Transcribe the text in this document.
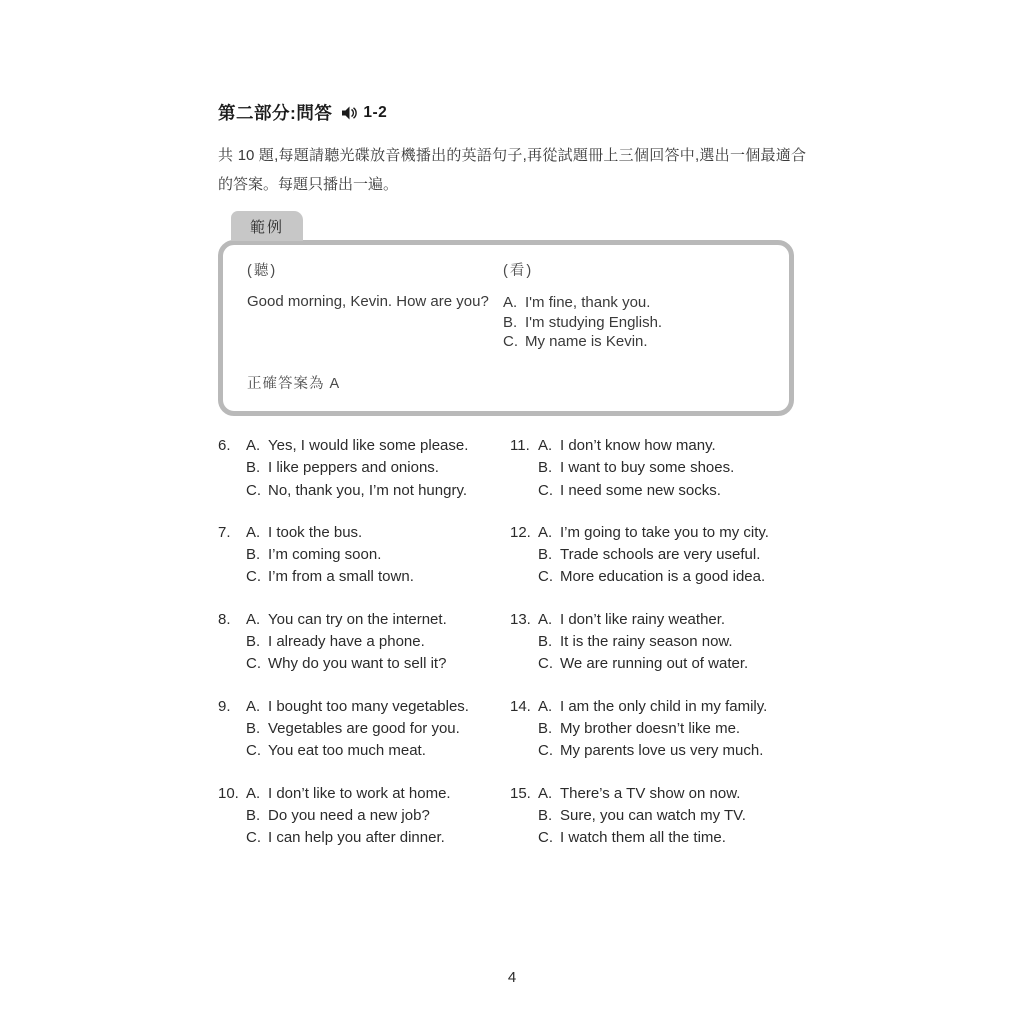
第二部分:問答 1-2
共 10 題,每題請聽光碟放音機播出的英語句子,再從試題冊上三個回答中,選出一個最適合的答案。每題只播出一遍。
範例
(聽)
Good morning, Kevin. How are you?
(看)
A. I'm fine, thank you.
B. I'm studying English.
C. My name is Kevin.
正確答案為 A
6.	A. Yes, I would like some please.
B. I like peppers and onions.
C. No, thank you, I’m not hungry.
7.	A. I took the bus.
B. I’m coming soon.
C. I’m from a small town.
8.	A. You can try on the internet.
B. I already have a phone.
C. Why do you want to sell it?
9.	A. I bought too many vegetables.
B. Vegetables are good for you.
C. You eat too much meat.
10. A. I don’t like to work at home.
B. Do you need a new job?
C. I can help you after dinner.
11. A. I don’t know how many.
B. I want to buy some shoes.
C. I need some new socks.
12. A. I’m going to take you to my city.
B. Trade schools are very useful.
C. More education is a good idea.
13. A. I don’t like rainy weather.
B. It is the rainy season now.
C. We are running out of water.
14. A. I am the only child in my family.
B. My brother doesn’t like me.
C. My parents love us very much.
15. A. There’s a TV show on now.
B. Sure, you can watch my TV.
C. I watch them all the time.
4
